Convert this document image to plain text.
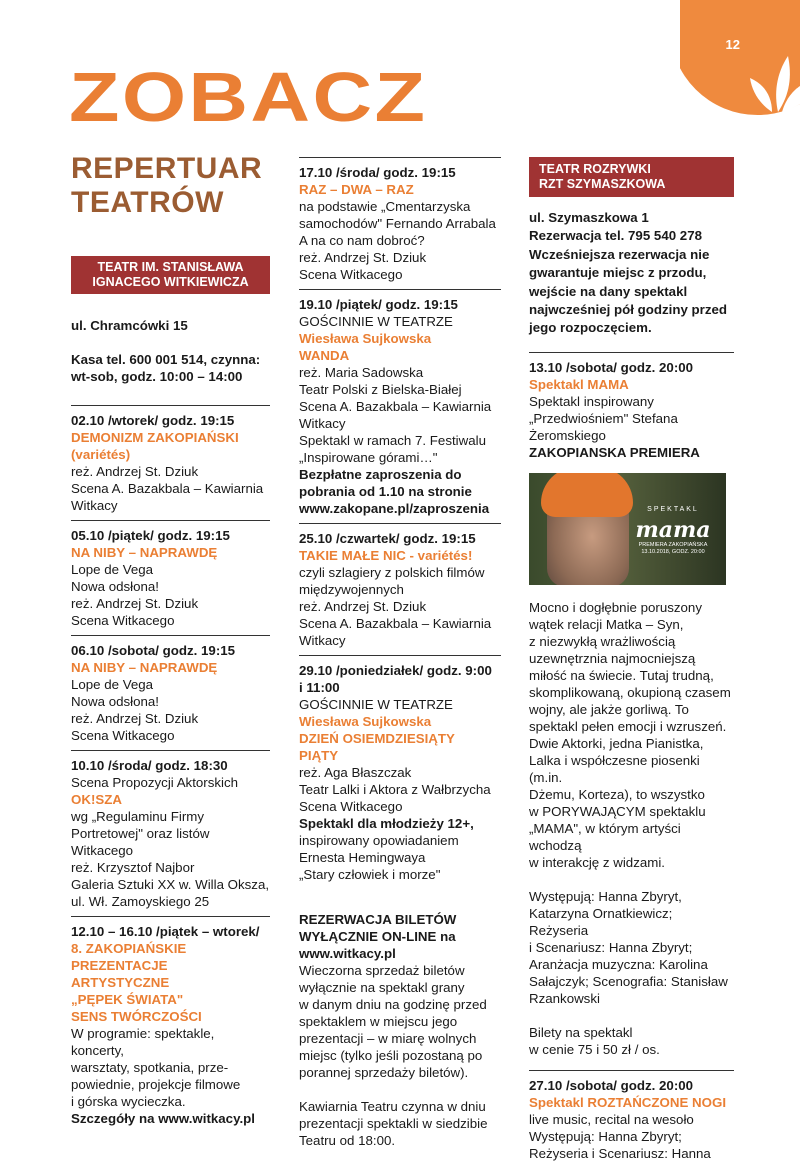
12
ZOBACZ
REPERTUAR
TEATRÓW
TEATR IM. STANISŁAWA
IGNACEGO WITKIEWICZA
ul. Chramcówki 15
Kasa tel. 600 001 514, czynna:
wt-sob, godz. 10:00 – 14:00
02.10 /wtorek/ godz. 19:15
DEMONIZM ZAKOPIAŃSKI
(variétés)
reż. Andrzej St. Dziuk
Scena A. Bazakbala – Kawiarnia
Witkacy
05.10 /piątek/ godz. 19:15
NA NIBY – NAPRAWDĘ
Lope de Vega
Nowa odsłona!
reż. Andrzej St. Dziuk
Scena Witkacego
06.10 /sobota/ godz. 19:15
NA NIBY – NAPRAWDĘ
Lope de Vega
Nowa odsłona!
reż. Andrzej St. Dziuk
Scena Witkacego
10.10 /środa/ godz. 18:30
Scena Propozycji Aktorskich
OK!SZA
wg „Regulaminu Firmy
Portretowej" oraz listów
Witkacego
reż. Krzysztof Najbor
Galeria Sztuki XX w. Willa Oksza,
ul. Wł. Zamoyskiego 25
12.10 – 16.10 /piątek – wtorek/
8. ZAKOPIAŃSKIE
PREZENTACJE
ARTYSTYCZNE
„PĘPEK ŚWIATA"
SENS TWÓRCZOŚCI
W programie: spektakle, koncerty,
warsztaty, spotkania, prze-
powiednie, projekcje filmowe
i górska wycieczka.
Szczegóły na www.witkacy.pl
17.10 /środa/ godz. 19:15
RAZ – DWA – RAZ
na podstawie „Cmentarzyska
samochodów" Fernando Arrabala
A na co nam dobroć?
reż. Andrzej St. Dziuk
Scena Witkacego
19.10 /piątek/ godz. 19:15
GOŚCINNIE W TEATRZE
Wiesława Sujkowska
WANDA
reż. Maria Sadowska
Teatr Polski z Bielska-Białej
Scena A. Bazakbala – Kawiarnia
Witkacy
Spektakl w ramach 7. Festiwalu
„Inspirowane górami…"
Bezpłatne zaproszenia do
pobrania od 1.10 na stronie
www.zakopane.pl/zaproszenia
25.10 /czwartek/ godz. 19:15
TAKIE MAŁE NIC - variétés!
czyli szlagiery z polskich filmów
międzywojennych
reż. Andrzej St. Dziuk
Scena A. Bazakbala – Kawiarnia
Witkacy
29.10 /poniedziałek/ godz. 9:00
i 11:00
GOŚCINNIE W TEATRZE
Wiesława Sujkowska
DZIEŃ OSIEMDZIESIĄTY
PIĄTY
reż. Aga Błaszczak
Teatr Lalki i Aktora z Wałbrzycha
Scena Witkacego
Spektakl dla młodzieży 12+,
inspirowany opowiadaniem
Ernesta Hemingwaya
„Stary człowiek i morze"
REZERWACJA BILETÓW
WYŁĄCZNIE ON-LINE na
www.witkacy.pl
Wieczorna sprzedaż biletów
wyłącznie na spektakl grany
w danym dniu na godzinę przed
spektaklem w miejscu jego
prezentacji – w miarę wolnych
miejsc (tylko jeśli pozostaną po
porannej sprzedaży biletów).
Kawiarnia Teatru czynna w dniu
prezentacji spektakli w siedzibie
Teatru od 18:00.
TEATR ROZRYWKI
RZT SZYMASZKOWA
ul. Szymaszkowa 1
Rezerwacja tel. 795 540 278
Wcześniejsza rezerwacja nie
gwarantuje miejsc z przodu,
wejście na dany spektakl
najwcześniej pół godziny przed
jego rozpoczęciem.
13.10 /sobota/ godz. 20:00
Spektakl MAMA
Spektakl inspirowany
„Przedwiośniem" Stefana
Żeromskiego
ZAKOPIANSKA PREMIERA
SPEKTAKL
mama
PREMIERA ZAKOPIAŃSKA
13.10.2018, GODZ. 20:00
Mocno i dogłębnie poruszony
wątek relacji Matka – Syn,
z niezwykłą wrażliwością
uzewnętrznia najmocniejszą
miłość na świecie. Tutaj trudną,
skomplikowaną, okupioną czasem
wojny, ale jakże gorliwą. To
spektakl pełen emocji i wzruszeń.
Dwie Aktorki, jedna Pianistka,
Lalka i współczesne piosenki (m.in.
Dżemu, Korteza), to wszystko
w PORYWAJĄCYM spektaklu
„MAMA", w którym artyści wchodzą
w interakcję z widzami.
Występują: Hanna Zbyryt,
Katarzyna Ornatkiewicz; Reżyseria
i Scenariusz: Hanna Zbyryt;
Aranżacja muzyczna: Karolina
Sałajczyk; Scenografia: Stanisław
Rzankowski
Bilety na spektakl
w cenie 75 i 50 zł / os.
27.10 /sobota/ godz. 20:00
Spektakl ROZTAŃCZONE NOGI
live music, recital na wesoło
Występują: Hanna Zbyryt;
Reżyseria i Scenariusz: Hanna
